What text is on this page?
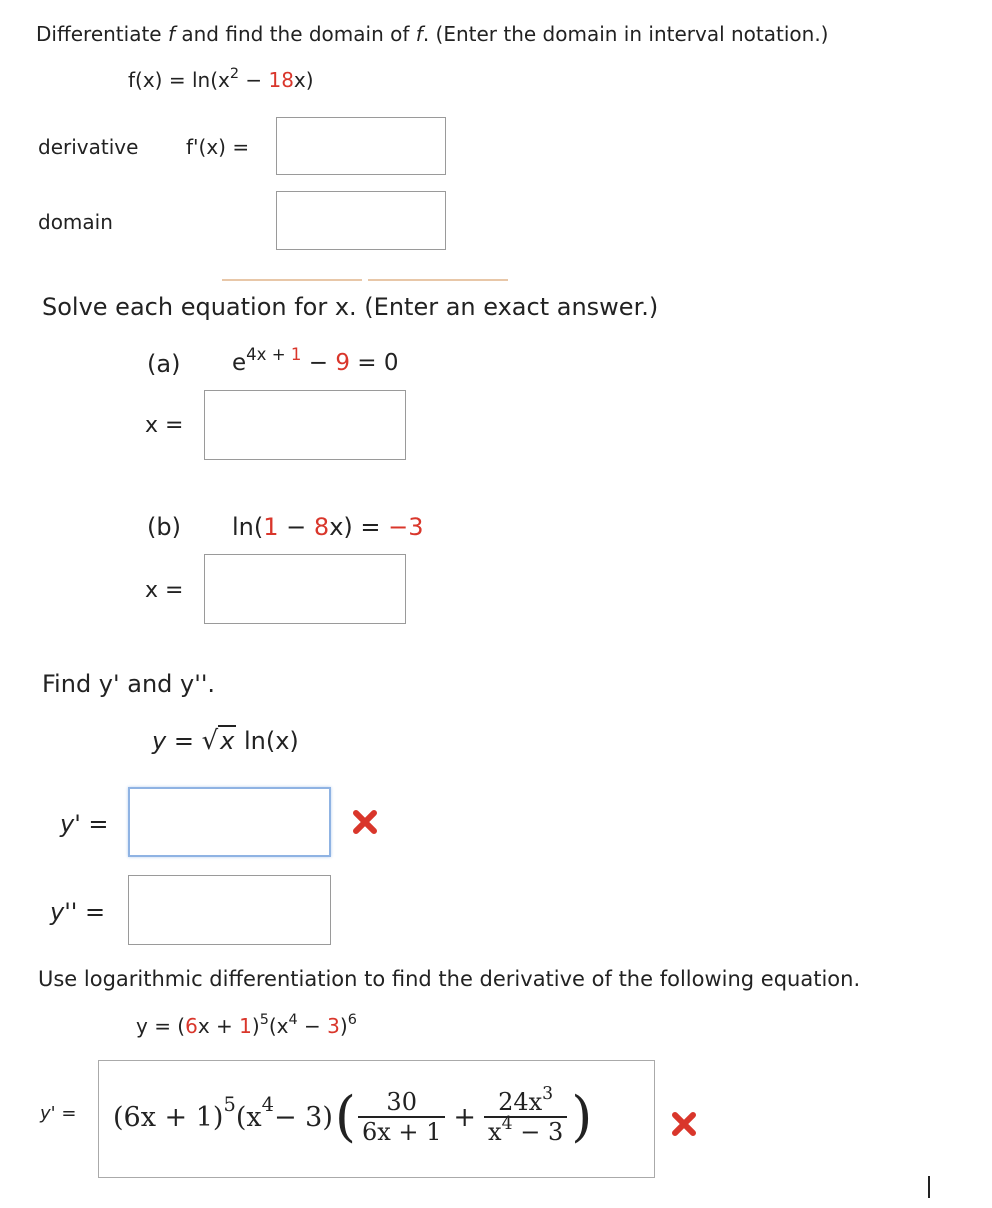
Differentiate f and find the domain of f. (Enter the domain in interval notation.)
$f(x) = \ln(x^2 - 18x)$
derivative f'(x) =
domain
Solve each equation for x. (Enter an exact answer.)
(a) $e^{4x + 1} - 9 = 0$
x =
(b) ln(1 − 8x) = −3
x =
Find y' and y''.
y = √x ln(x)
y' =
y'' =
Use logarithmic differentiation to find the derivative of the following equation.
$y = (6x + 1)^5(x^4 - 3)^6$
y' = (6x + 1) 5 (x 4 − 3) ( $\frac{30}{6x + 1} + \frac{24x^3}{x^4 - 3}$ )
